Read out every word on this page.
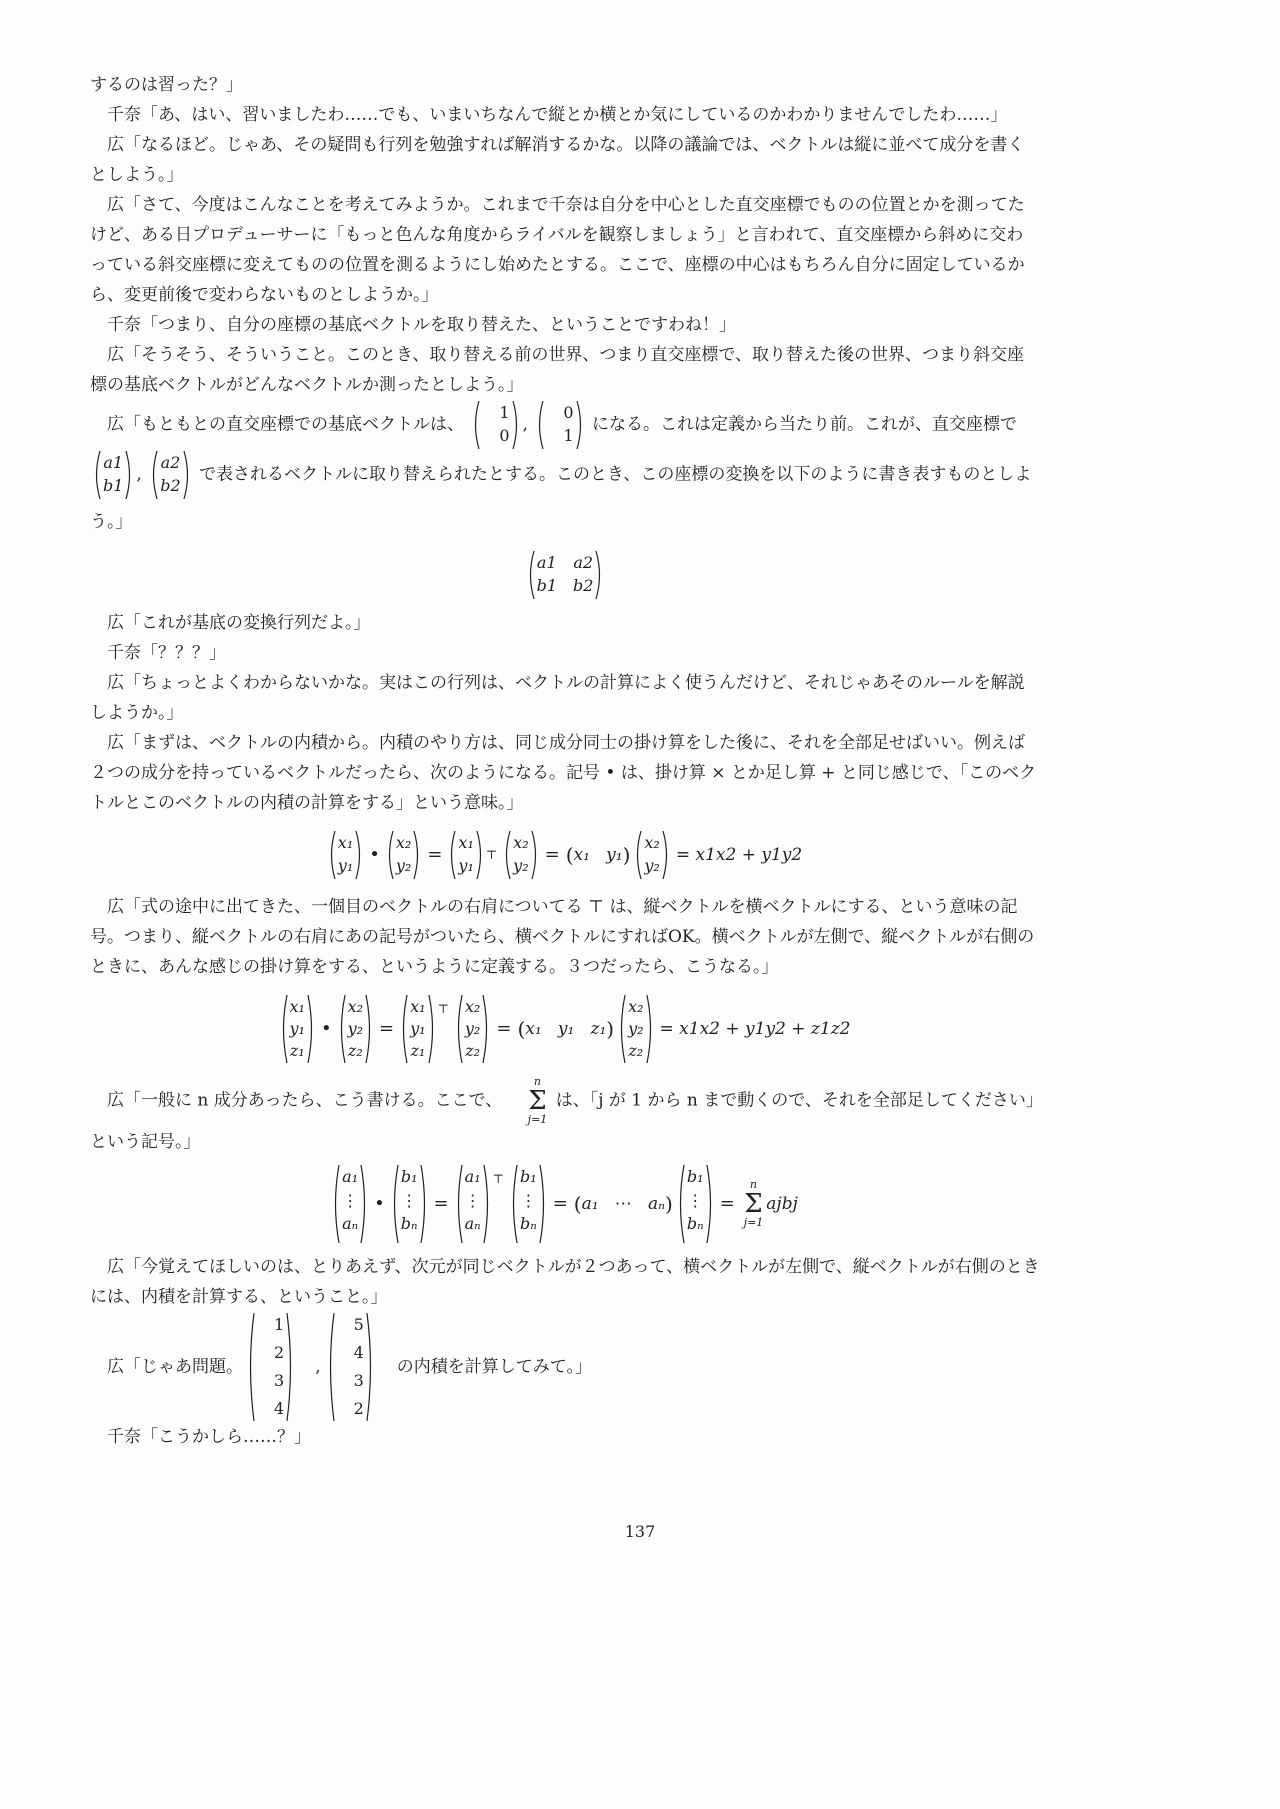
するのは習った？」

千奈「あ、はい、習いましたわ……でも、いまいちなんで縦とか横とか気にしているのかわかりませんでしたわ……」

広「なるほど。じゃあ、その疑問も行列を勉強すれば解消するかな。以降の議論では、ベクトルは縦に並べて成分を書くとしよう。」

広「さて、今度はこんなことを考えてみようか。これまで千奈は自分を中心とした直交座標でものの位置とかを測ってたけど、ある日プロデューサーに「もっと色んな角度からライバルを観察しましょう」と言われて、直交座標から斜めに交わっている斜交座標に変えてものの位置を測るようにし始めたとする。ここで、座標の中心はもちろん自分に固定しているから、変更前後で変わらないものとしようか。」

千奈「つまり、自分の座標の基底ベクトルを取り替えた、ということですわね！」

広「そうそう、そういうこと。このとき、取り替える前の世界、つまり直交座標で、取り替えた後の世界、つまり斜交座標の基底ベクトルがどんなベクトルか測ったとしよう。」

広「もともとの直交座標での基底ベクトルは、
1
0
,
0
1
になる。これは定義から当たり前。これが、直交座標で

a1
b1
,
a2
b2
で表されるベクトルに取り替えられたとする。このとき、この座標の変換を以下のように書き表すものとしよう。」

a1 a2
b1 b2

広「これが基底の変換行列だよ。」

千奈「？？？」

広「ちょっとよくわからないかな。実はこの行列は、ベクトルの計算によく使うんだけど、それじゃあそのルールを解説しようか。」

広「まずは、ベクトルの内積から。内積のやり方は、同じ成分同士の掛け算をした後に、それを全部足せばいい。例えば２つの成分を持っているベクトルだったら、次のようになる。記号 • は、掛け算 × とか足し算 + と同じ感じで、「このベクトルとこのベクトルの内積の計算をする」という意味。」

x₁
y₁
•
x₂
y₂
=
x₁
y₁
⊤
x₂
y₂
= ( x₁   y₁ )
x₂
y₂
= x1x2 + y1y2

広「式の途中に出てきた、一個目のベクトルの右肩についてる ⊤ は、縦ベクトルを横ベクトルにする、という意味の記号。つまり、縦ベクトルの右肩にあの記号がついたら、横ベクトルにすればOK。横ベクトルが左側で、縦ベクトルが右側のときに、あんな感じの掛け算をする、というように定義する。３つだったら、こうなる。」

x₁
y₁
z₁
•
x₂
y₂
z₂
=
x₁
y₁
z₁
⊤ x₂
y₂
z₂
= ( x₁   y₁   z₁ )
x₂
y₂
z₂
= x1x2 + y1y2 + z1z2

広「一般に n 成分あったら、こう書ける。ここで、
n
Σ
j=1
は、「j が 1 から n まで動くので、それを全部足してください」という記号。」

a₁
⋮
aₙ
•
b₁
⋮
bₙ
=
a₁
⋮
aₙ
⊤ b₁
⋮
bₙ
= ( a₁   ⋯   aₙ )
b₁
⋮
bₙ
=
n
Σ
j=1
ajbj

広「今覚えてほしいのは、とりあえず、次元が同じベクトルが２つあって、横ベクトルが左側で、縦ベクトルが右側のときには、内積を計算する、ということ。」

広「じゃあ問題。
1
2
3
4
,
5
4
3
2
の内積を計算してみて。」

千奈「こうかしら……？」

137
